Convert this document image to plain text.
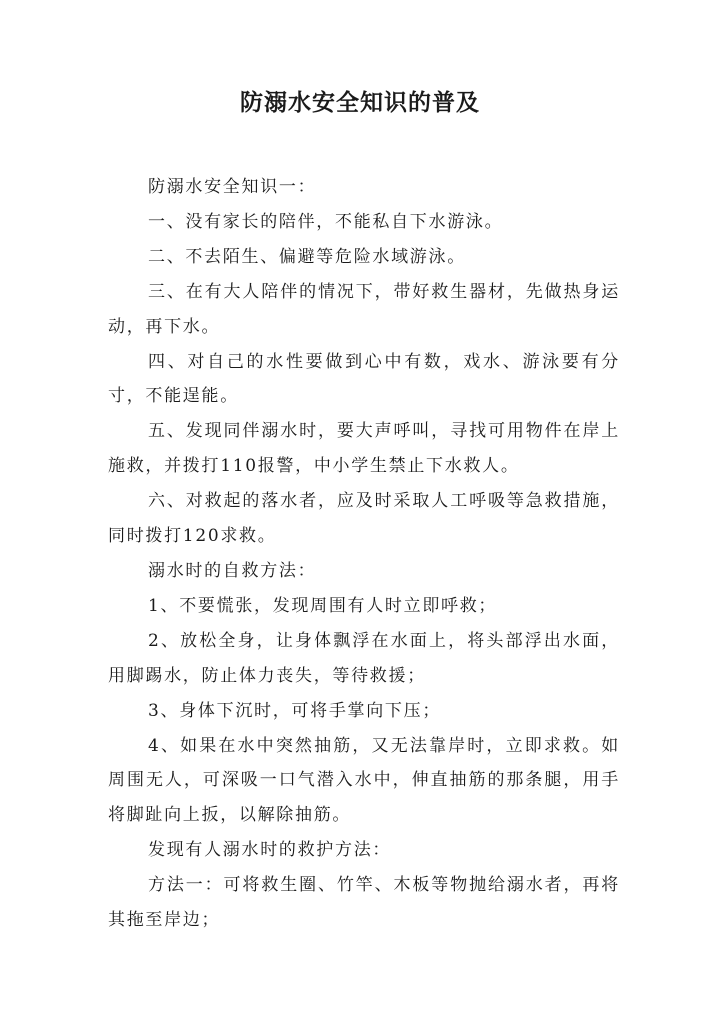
防溺水安全知识的普及

防溺水安全知识一：

一、没有家长的陪伴，不能私自下水游泳。

二、不去陌生、偏避等危险水域游泳。

三、在有大人陪伴的情况下，带好救生器材，先做热身运动，再下水。

四、对自己的水性要做到心中有数，戏水、游泳要有分寸，不能逞能。

五、发现同伴溺水时，要大声呼叫，寻找可用物件在岸上施救，并拨打110报警，中小学生禁止下水救人。

六、对救起的落水者，应及时采取人工呼吸等急救措施，同时拨打120求救。

溺水时的自救方法：

1、不要慌张，发现周围有人时立即呼救；

2、放松全身，让身体飘浮在水面上，将头部浮出水面，用脚踢水，防止体力丧失，等待救援；

3、身体下沉时，可将手掌向下压；

4、如果在水中突然抽筋，又无法靠岸时，立即求救。如周围无人，可深吸一口气潜入水中，伸直抽筋的那条腿，用手将脚趾向上扳，以解除抽筋。

发现有人溺水时的救护方法：

方法一：可将救生圈、竹竿、木板等物抛给溺水者，再将其拖至岸边；
